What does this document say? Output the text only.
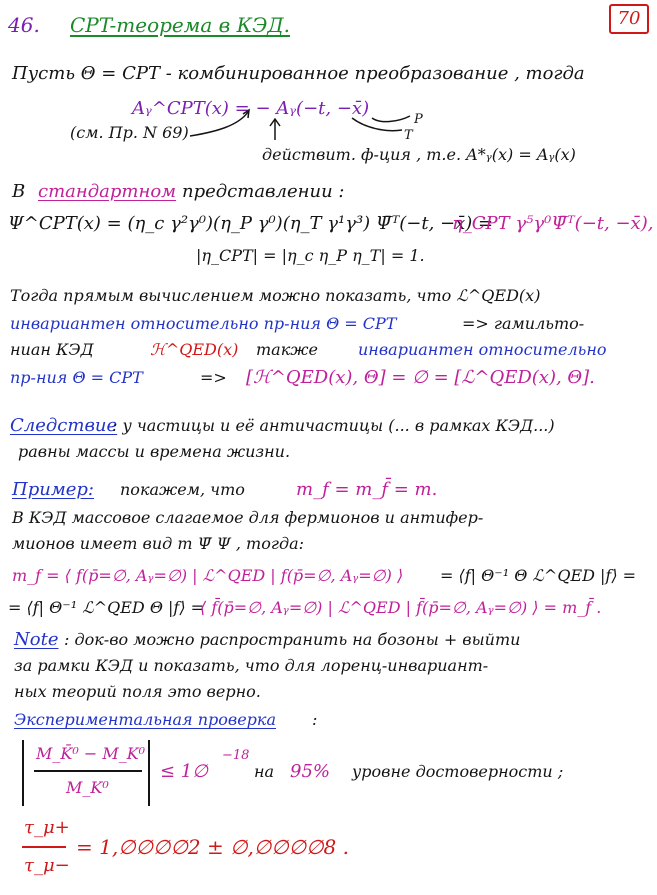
70
46. CPT-теорема в КЭД.
Пусть Θ = CPT - комбинированное преобразование , тогда
Aᵧ^CPT(x) = − Aᵧ(−t, −x̄)
(см. Пр. N 69)
P
T
действит. ф-ция , т.е. A*ᵧ(x) = Aᵧ(x)
В стандартном представлении :
Ψ^CPT(x) = (η_c γ²γ⁰)(η_P γ⁰)(η_T γ¹γ³) Ψ̄ᵀ(−t, −x̄) =
η_CPT γ⁵γ⁰Ψ̄ᵀ(−t, −x̄),
|η_CPT| = |η_c η_P η_T| = 1.
Тогда прямым вычислением можно показать, что ℒ^QED(x)
инвариантен относительно пр-ния Θ = CPT	=> гамильто-
ниан КЭД	ℋ^QED(x) также	инвариантен относительно
пр-ния Θ = CPT	=> [ℋ^QED(x), Θ] = ∅ = [ℒ^QED(x), Θ].
Следствие
: у частицы и её античастицы (... в рамках КЭД...)
равны массы и времена жизни.
Пример: покажем, что	m_f = m_f̄ = m.
В КЭД массовое слагаемое для фермионов и антифер-
мионов имеет вид m Ψ̄ Ψ , тогда:
m_f = ⟨ f(p̄=∅, Aᵧ=∅) | ℒ^QED | f(p̄=∅, Aᵧ=∅) ⟩ = ⟨f| Θ⁻¹ Θ ℒ^QED |f⟩ =
= ⟨f| Θ⁻¹ ℒ^QED Θ |f⟩ =
⟨ f̄(p̄=∅, Aᵧ=∅) | ℒ^QED | f̄(p̄=∅, Aᵧ=∅) ⟩ = m_f̄ .
Note : док-во можно распространить на бозоны + выйти
за рамки КЭД и показать, что для лоренц-инвариант-
ных теорий поля это верно.
Экспериментальная проверка :
M_K̄⁰ − M_K⁰
M_K⁰
≤ 1∅
−18
на 95% уровне достоверности ;
τ_μ+
τ_μ−
= 1,∅∅∅∅2 ± ∅,∅∅∅∅8 .
